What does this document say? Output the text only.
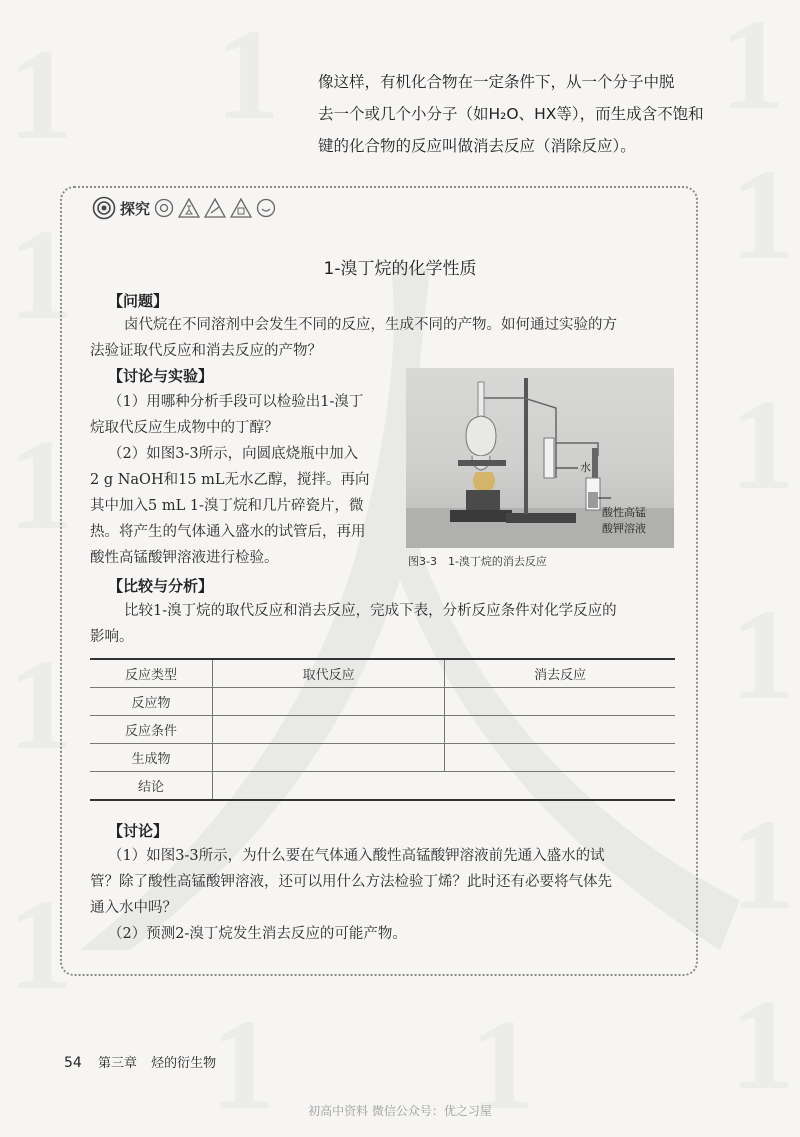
1
1
1
1
1
1	1
1
1
1
1
1
1
1

像这样，有机化合物在一定条件下，从一个分子中脱

去一个或几个小分子（如H₂O、HX等），而生成含不饱和

键的化合物的反应叫做消去反应（消除反应）。

探究
1-溴丁烷的化学性质
【问题】

卤代烷在不同溶剂中会发生不同的反应，生成不同的产物。如何通过实验的方

法验证取代反应和消去反应的产物？

【讨论与实验】

（1）用哪种分析手段可以检验出1-溴丁

烷取代反应生成物中的丁醇？

（2）如图3-3所示，向圆底烧瓶中加入

2 g NaOH和15 mL无水乙醇，搅拌。再向

其中加入5 mL 1-溴丁烷和几片碎瓷片，微

热。将产生的气体通入盛水的试管后，再用

酸性高锰酸钾溶液进行检验。

水
酸性高锰
酸钾溶液
图3-3　1-溴丁烷的消去反应
【比较与分析】

比较1-溴丁烷的取代反应和消去反应，完成下表，分析反应条件对化学反应的

影响。

反应类型	取代反应	消去反应
反应物		
反应条件		
生成物		
结论		
【讨论】

（1）如图3-3所示，为什么要在气体通入酸性高锰酸钾溶液前先通入盛水的试

管？除了酸性高锰酸钾溶液，还可以用什么方法检验丁烯？此时还有必要将气体先

通入水中吗？

（2）预测2-溴丁烷发生消去反应的可能产物。

54 第三章 烃的衍生物
初高中资料 微信公众号：优之习屋
